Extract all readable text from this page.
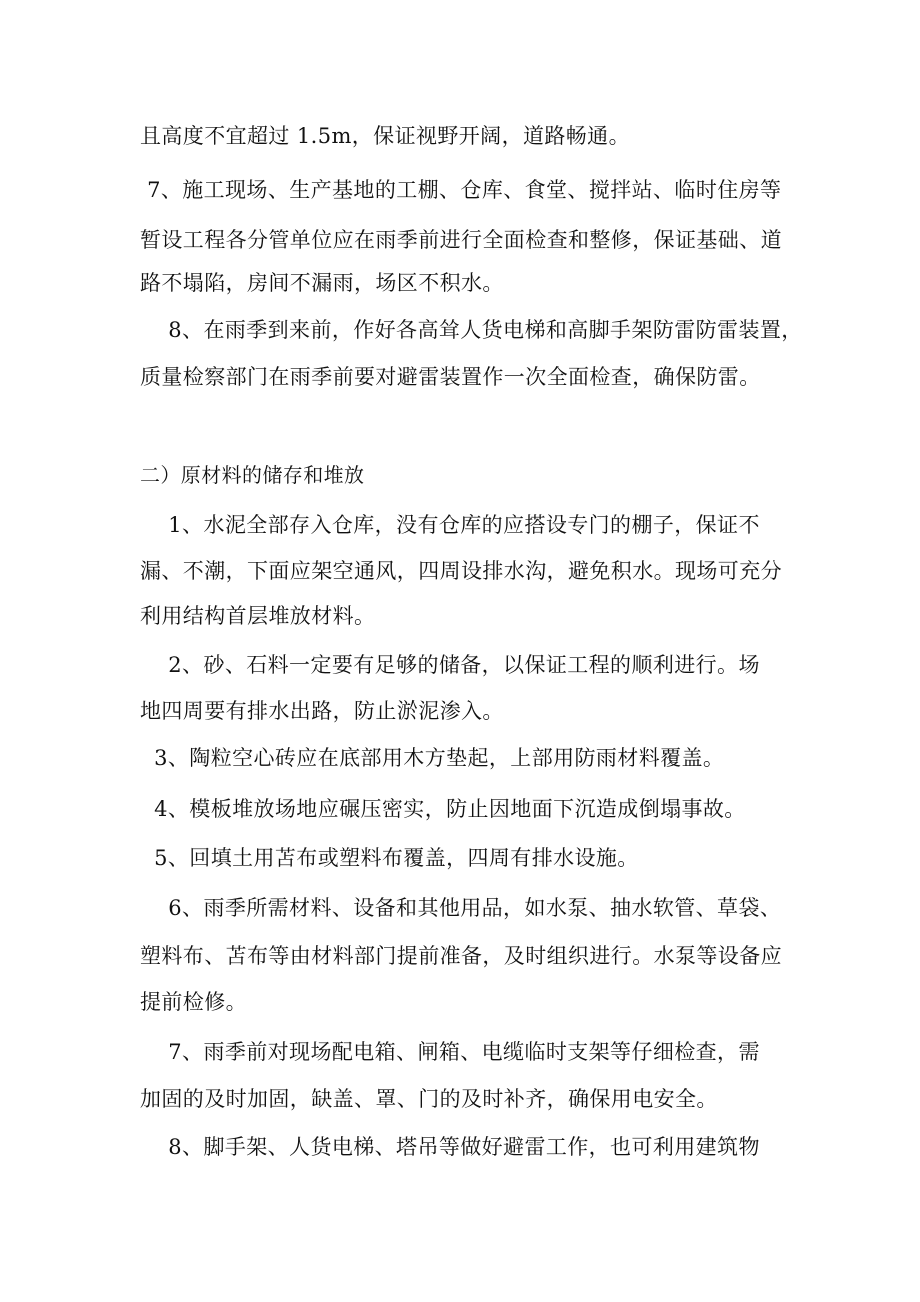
且高度不宜超过 1.5m，保证视野开阔，道路畅通。
7、施工现场、生产基地的工棚、仓库、食堂、搅拌站、临时住房等
暂设工程各分管单位应在雨季前进行全面检查和整修，保证基础、道
路不塌陷，房间不漏雨，场区不积水。
8、在雨季到来前，作好各高耸人货电梯和高脚手架防雷防雷装置，
质量检察部门在雨季前要对避雷装置作一次全面检查，确保防雷。
二）原材料的储存和堆放
1、水泥全部存入仓库，没有仓库的应搭设专门的棚子，保证不
漏、不潮，下面应架空通风，四周设排水沟，避免积水。现场可充分
利用结构首层堆放材料。
2、砂、石料一定要有足够的储备，以保证工程的顺利进行。场
地四周要有排水出路，防止淤泥渗入。
3、陶粒空心砖应在底部用木方垫起，上部用防雨材料覆盖。
4、模板堆放场地应碾压密实，防止因地面下沉造成倒塌事故。
5、回填土用苫布或塑料布覆盖，四周有排水设施。
6、雨季所需材料、设备和其他用品，如水泵、抽水软管、草袋、
塑料布、苫布等由材料部门提前准备，及时组织进行。水泵等设备应
提前检修。
7、雨季前对现场配电箱、闸箱、电缆临时支架等仔细检查，需
加固的及时加固，缺盖、罩、门的及时补齐，确保用电安全。
8、脚手架、人货电梯、塔吊等做好避雷工作，也可利用建筑物
